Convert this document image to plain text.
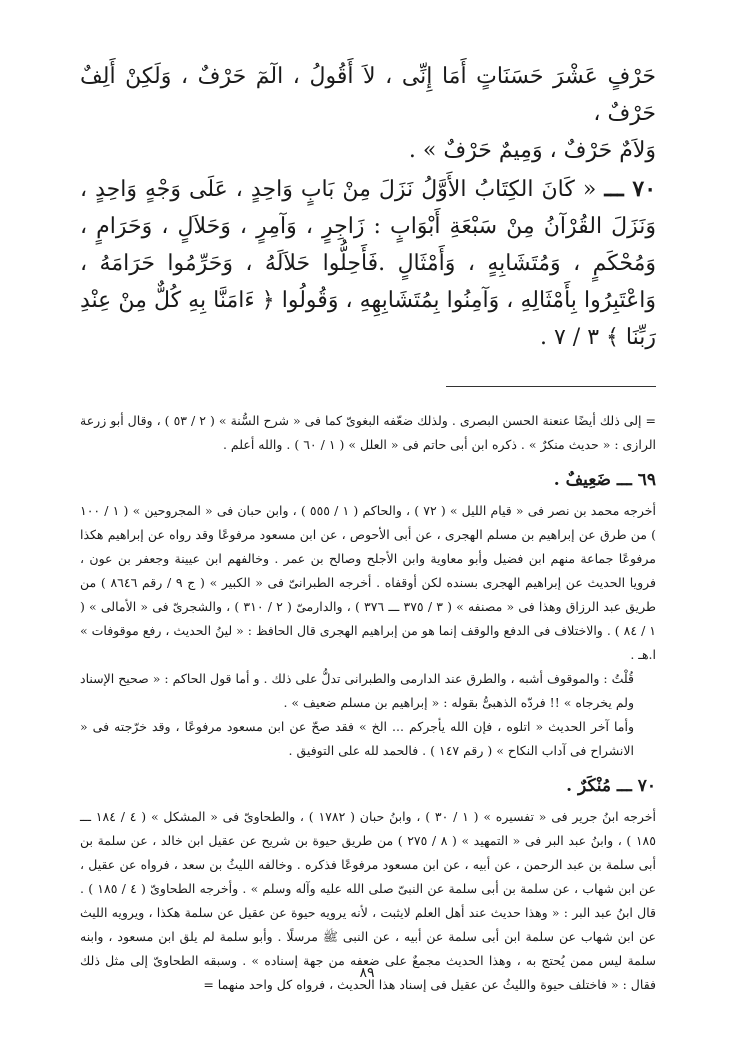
حَرْفٍ عَشْرَ حَسَنَاتٍ أَمَا إِنِّى ، لاَ أَقُولُ ، الٓمٓ حَرْفٌ ، وَلَكِنْ أَلِفٌ حَرْفٌ ،

وَلاَمٌ حَرْفٌ ، وَمِيمٌ حَرْفٌ » .

٧٠ ـــ « كَانَ الكِتَابُ الأَوَّلُ نَزَلَ مِنْ بَابٍ وَاحِدٍ ، عَلَى وَجْهٍ وَاحِدٍ ، وَنَزَلَ القُرْآنُ مِنْ سَبْعَةِ أَبْوَابٍ : زَاجِرٍ ، وَآمِرٍ ، وَحَلاَلٍ ، وَحَرَامٍ ، وَمُحْكَمٍ ، وَمُتَشَابِهٍ ، وَأَمْثَالٍ .فَأَحِلُّوا حَلاَلَهُ ، وَحَرِّمُوا حَرَامَهُ ، وَاعْتَبِرُوا بِأَمْثَالِهِ ، وَآمِنُوا بِمُتَشَابِهِهِ ، وَقُولُوا ﴿ ءَامَنَّا بِهِ كُلٌّ مِنْ عِنْدِ رَبِّنَا ﴾ ٣ / ٧ .

= إلى ذلك أيضًا عنعنة الحسن البصرى . ولذلك ضعّفه البغوىّ كما فى « شرح السُّنة » ( ٢ / ٥٣ ) ، وقال أبو زرعة الرازى : « حديث منكرٌ » . ذكره ابن أبى حاتم فى « العلل » ( ١ / ٦٠ ) . والله أعلم .

٦٩ ـــ ضَعِيفٌ .

أخرجه محمد بن نصر فى « قيام الليل » ( ٧٢ ) ، والحاكم ( ١ / ٥٥٥ ) ، وابن حبان فى « المجروحين » ( ١ / ١٠٠ ) من طرق عن إبراهيم بن مسلم الهجرى ، عن أبى الأحوص ، عن ابن مسعود مرفوعًا وقد رواه عن إبراهيم هكذا مرفوعًا جماعة منهم ابن فضيل وأبو معاوية وابن الأجلح وصالح بن عمر . وخالفهم ابن عيينة وجعفر بن عون ، فرويا الحديث عن إبراهيم الهجرى بسنده لكن أوقفاه . أخرجه الطبرانىّ فى « الكبير » ( ج ٩ / رقم ٨٦٤٦ ) من طريق عبد الرزاق وهذا فى « مصنفه » ( ٣ / ٣٧٥ ـــ ٣٧٦ ) ، والدارمىّ ( ٢ / ٣١٠ ) ، والشجرىّ فى « الأمالى » ( ١ / ٨٤ ) . والاختلاف فى الدفع والوقف إنما هو من إبراهيم الهجرى قال الحافظ : « لينُ الحديث ، رفع موقوفات » ا.هـ .

قُلْتُ : والموقوف أشبه ، والطرق عند الدارمى والطبرانى تدلُّ على ذلك . و أما قول الحاكم : « صحيح الإسناد ولم يخرجاه » !! فردّه الذهبىُّ بقوله : « إبراهيم بن مسلم ضعيف » .

وأما آخر الحديث « اتلوه ، فإن الله يأجركم ... الخ » فقد صحّ عن ابن مسعود مرفوعًا ، وقد خرّجته فى « الانشراح فى آداب النكاح » ( رقم ١٤٧ ) . فالحمد لله على التوفيق .

٧٠ ـــ مُنْكَرٌ .

أخرجه ابنُ جرير فى « تفسيره » ( ١ / ٣٠ ) ، وابنُ حبان ( ١٧٨٢ ) ، والطحاوىّ فى « المشكل » ( ٤ / ١٨٤ ـــ ١٨٥ ) ، وابنُ عبد البر فى « التمهيد » ( ٨ / ٢٧٥ ) من طريق حيوة بن شريح عن عقيل ابن خالد ، عن سلمة بن أبى سلمة بن عبد الرحمن ، عن أبيه ، عن ابن مسعود مرفوعًا فذكره . وخالفه الليثُ بن سعد ، فرواه عن عقيل ، عن ابن شهاب ، عن سلمة بن أبى سلمة عن النبىّ صلى الله عليه وآله وسلم » . وأخرجه الطحاوىّ ( ٤ / ١٨٥ ) . قال ابنُ عبد البر : « وهذا حديث عند أهل العلم لايثبت ، لأنه يرويه حيوة عن عقيل عن سلمة هكذا ، ويرويه الليث عن ابن شهاب عن سلمة ابن أبى سلمة عن أبيه ، عن النبى ﷺ مرسلًا . وأبو سلمة لم يلق ابن مسعود ، وابنه سلمة ليس ممن يُحتج به ، وهذا الحديث مجمعٌ على ضعفه من جهة إسناده » . وسبقه الطحاوىّ إلى مثل ذلك فقال : « فاختلف حيوة والليثُ عن عقيل فى إسناد هذا الحديث ، فرواه كل واحد منهما =

٨٩
